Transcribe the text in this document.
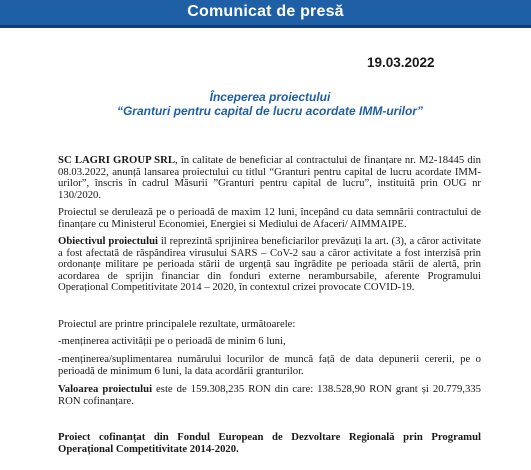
Comunicat de presă
19.03.2022
Începerea proiectului
“Granturi pentru capital de lucru acordate IMM-urilor”

SC LAGRI GROUP SRL, în calitate de beneficiar al contractului de finanțare nr. M2-18445 din 08.03.2022, anunță lansarea proiectului cu titlul “Granturi pentru capital de lucru acordate IMM-urilor”, înscris în cadrul Măsurii ”Granturi pentru capital de lucru”, instituită prin OUG nr 130/2020.

Proiectul se derulează pe o perioadă de maxim 12 luni, începând cu data semnării contractului de finanțare cu Ministerul Economiei, Energiei si Mediului de Afaceri/ AIMMAIPE.

Obiectivul proiectului il reprezintă sprijinirea beneficiarilor prevăzuți la art. (3), a căror activitate a fost afectată de răspândirea virusului SARS – CoV-2 sau a căror activitate a fost interzisă prin ordonanțe militare pe perioada stării de urgență sau îngrădite pe perioada stării de alertă, prin acordarea de sprijin financiar din fonduri externe nerambursabile, aferente Programului Operațional Competitivitate 2014 – 2020, în contextul crizei provocate COVID-19.

Proiectul are printre principalele rezultate, următoarele:

-menținerea activității pe o perioadă de minim 6 luni,

-menținerea/suplimentarea numărului locurilor de muncă față de data depunerii cererii, pe o perioadă de minimum 6 luni, la data acordării granturilor.

Valoarea proiectului este de 159.308,235 RON din care: 138.528,90 RON grant și 20.779,335 RON cofinanțare.

Proiect cofinanțat din Fondul European de Dezvoltare Regională prin Programul Operațional Competitivitate 2014-2020.
